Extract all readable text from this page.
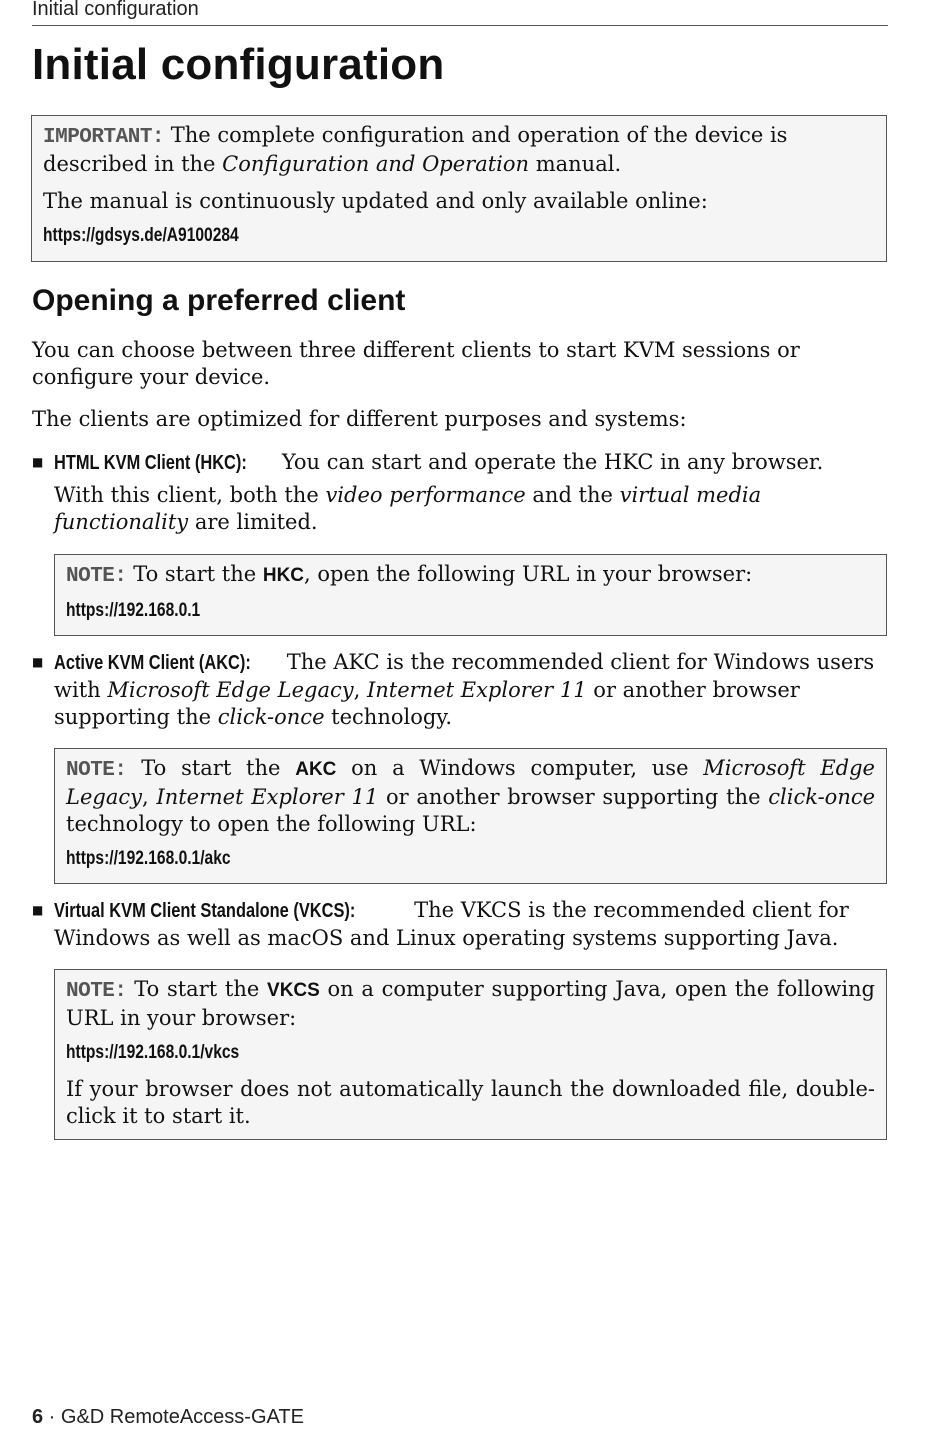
Initial configuration
Initial configuration

IMPORTANT: The complete configuration and operation of the device is described in the Configuration and Operation manual.

The manual is continuously updated and only available online:

https://gdsys.de/A9100284

Opening a preferred client

You can choose between three different clients to start KVM sessions or configure your device.

The clients are optimized for different purposes and systems:

■ HTML KVM Client (HKC): You can start and operate the HKC in any browser.
With this client, both the video performance and the virtual media functionality are limited.

NOTE: To start the HKC, open the following URL in your browser:

https://192.168.0.1

■ Active KVM Client (AKC): The AKC is the recommended client for Windows users with Microsoft Edge Legacy, Internet Explorer 11 or another browser supporting the click-once technology.

NOTE: To start the AKC on a Windows computer, use Microsoft Edge Legacy, Internet Explorer 11 or another browser supporting the click-once technology to open the following URL:

https://192.168.0.1/akc

■ Virtual KVM Client Standalone (VKCS): The VKCS is the recommended client for Windows as well as macOS and Linux operating systems supporting Java.

NOTE: To start the VKCS on a computer supporting Java, open the following URL in your browser:

https://192.168.0.1/vkcs

If your browser does not automatically launch the downloaded file, double-click it to start it.

6 · G&D RemoteAccess-GATE
